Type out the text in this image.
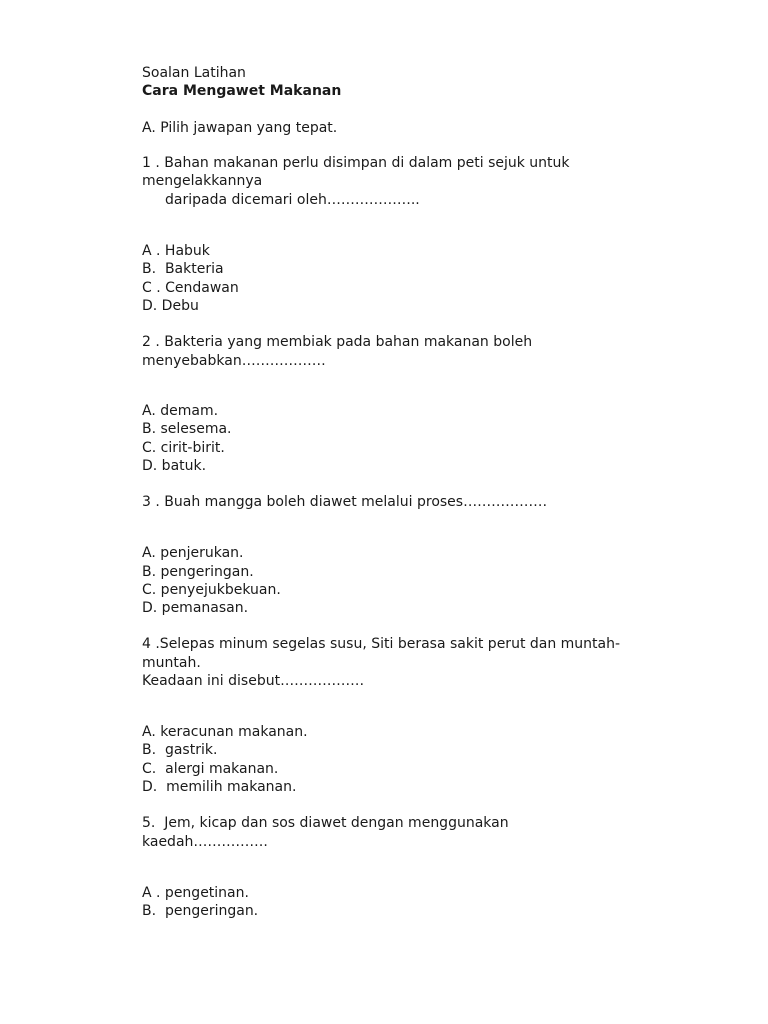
Soalan Latihan
Cara Mengawet Makanan
A. Pilih jawapan yang tepat.
1 . Bahan makanan perlu disimpan di dalam peti sejuk untuk
mengelakkannya
daripada dicemari oleh………………..
A . Habuk
B.  Bakteria
C . Cendawan
D. Debu
2 . Bakteria yang membiak pada bahan makanan boleh
menyebabkan………………
A. demam.
B. selesema.
C. cirit-birit.
D. batuk.
3 . Buah mangga boleh diawet melalui proses………………
A. penjerukan.
B. pengeringan.
C. penyejukbekuan.
D. pemanasan.
4 .Selepas minum segelas susu, Siti berasa sakit perut dan muntah-
muntah.
Keadaan ini disebut………………
A. keracunan makanan.
B.  gastrik.
C.  alergi makanan.
D.  memilih makanan.
5.  Jem, kicap dan sos diawet dengan menggunakan
kaedah…………….
A . pengetinan.
B.  pengeringan.
